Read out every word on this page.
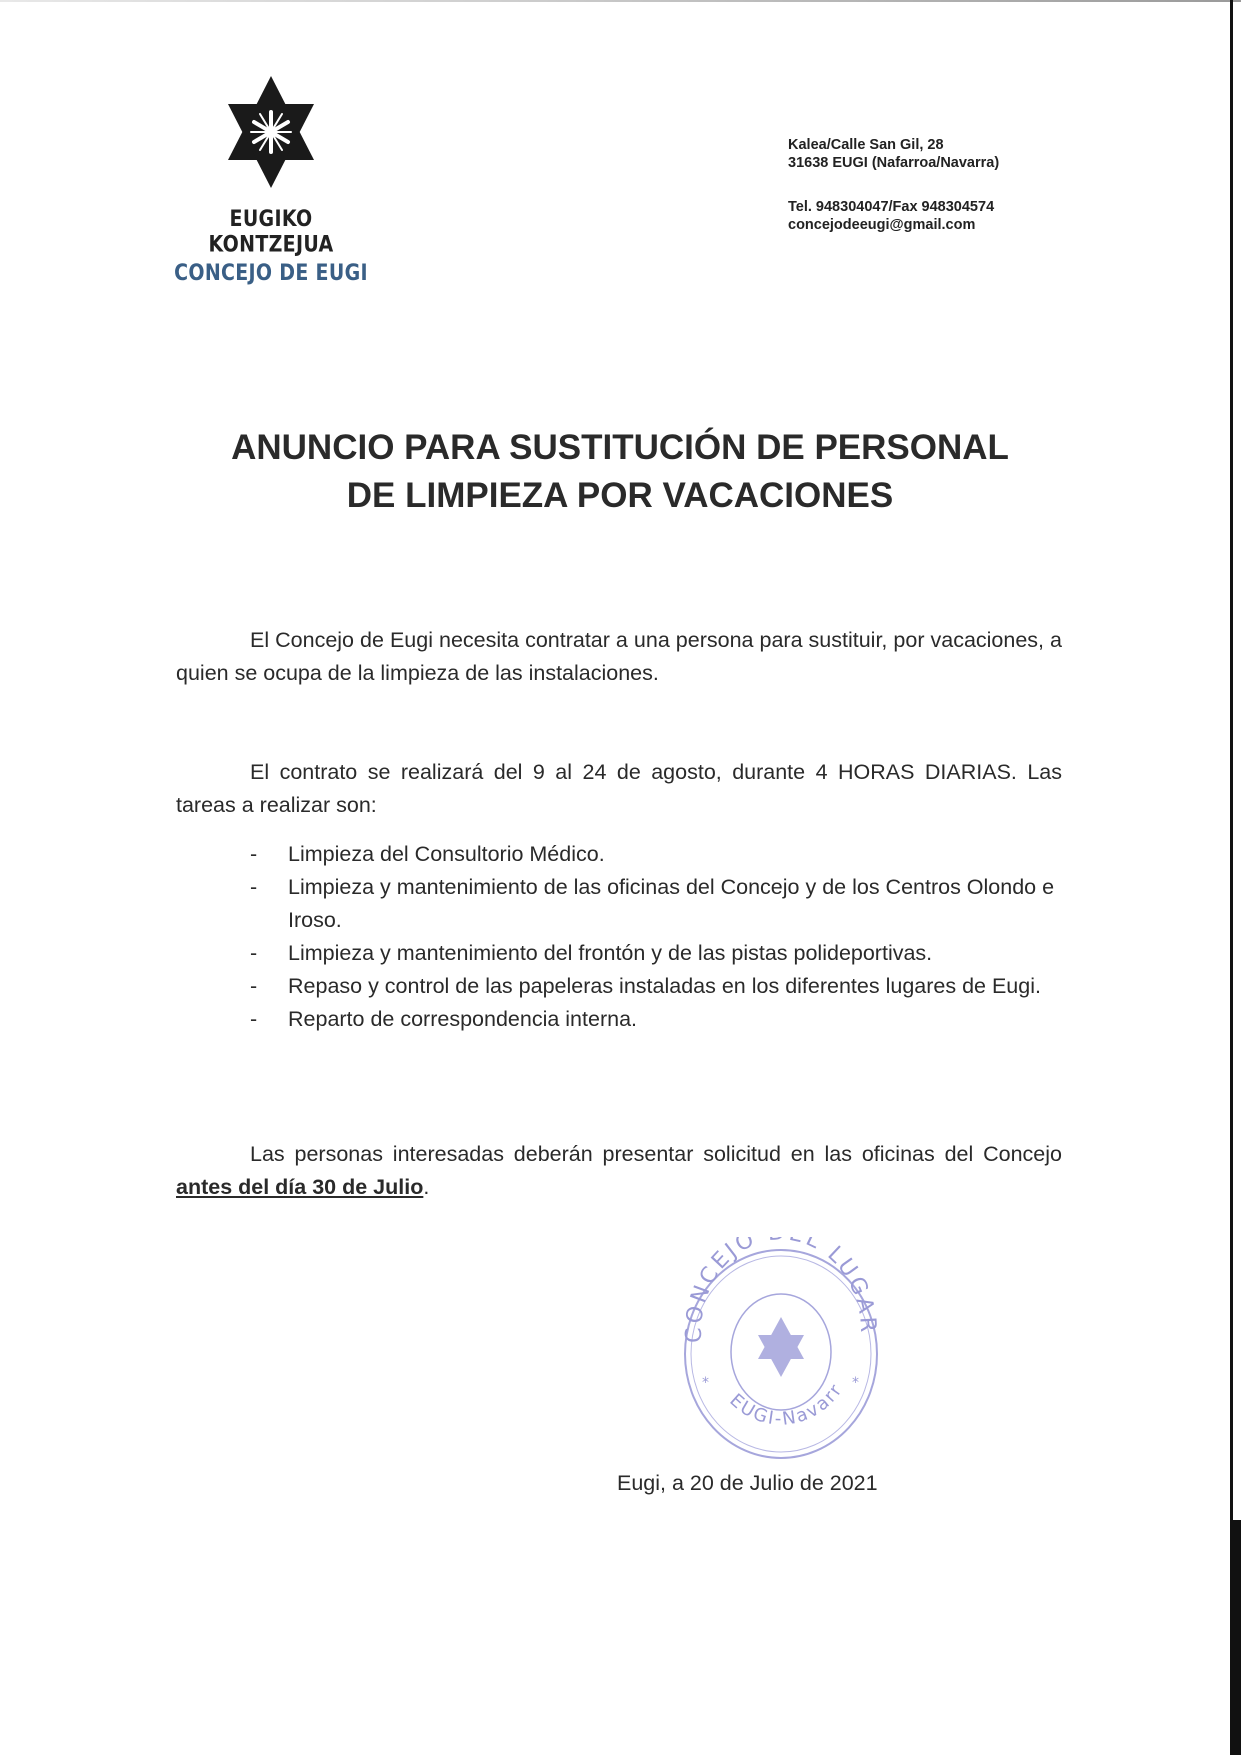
EUGIKO KONTZEJUA
CONCEJO DE EUGI
Kalea/Calle San Gil, 28
31638 EUGI (Nafarroa/Navarra)
Tel. 948304047/Fax 948304574
concejodeeugi@gmail.com
ANUNCIO PARA SUSTITUCIÓN DE PERSONAL
DE LIMPIEZA POR VACACIONES
El Concejo de Eugi necesita contratar a una persona para sustituir, por vacaciones, a quien se ocupa de la limpieza de las instalaciones.
El contrato se realizará del 9 al 24 de agosto, durante 4 HORAS DIARIAS. Las tareas a realizar son:
- Limpieza del Consultorio Médico.
- Limpieza y mantenimiento de las oficinas del Concejo y de los Centros Olondo e Iroso.
- Limpieza y mantenimiento del frontón y de las pistas polideportivas.
- Repaso y control de las papeleras instaladas en los diferentes lugares de Eugi.
- Reparto de correspondencia interna.
Las personas interesadas deberán presentar solicitud en las oficinas del Concejo antes del día 30 de Julio.
CONCEJO L LUGAR
EUGI-Navarr
*	*
Eugi, a 20 de Julio de 2021
